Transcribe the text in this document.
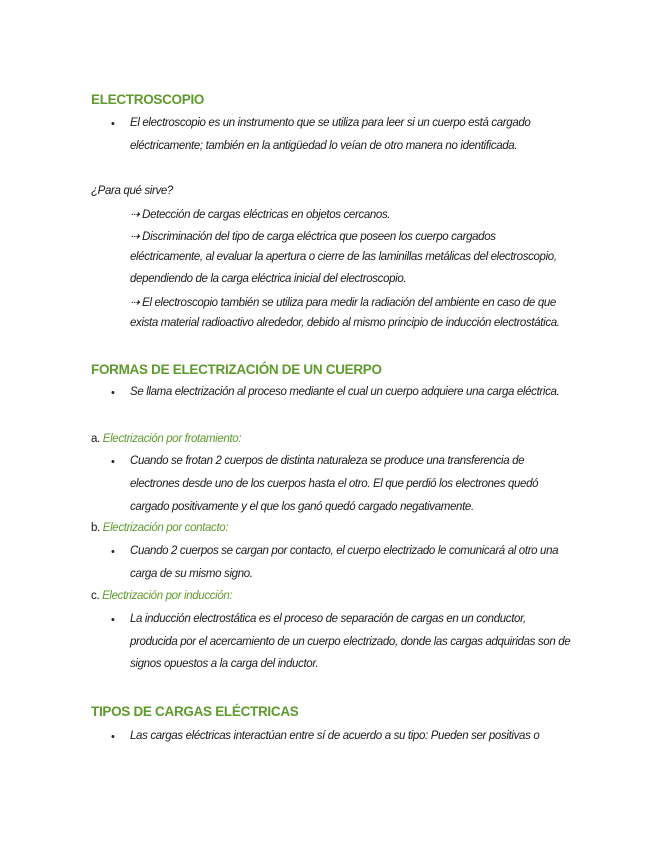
ELECTROSCOPIO
• El electroscopio es un instrumento que se utiliza para leer si un cuerpo está cargado
eléctricamente; también en la antigüedad lo veían de otro manera no identificada.
¿Para qué sirve?
⇢ Detección de cargas eléctricas en objetos cercanos.
⇢ Discriminación del tipo de carga eléctrica que poseen los cuerpo cargados
eléctricamente, al evaluar la apertura o cierre de las laminillas metálicas del electroscopio,
dependiendo de la carga eléctrica inicial del electroscopio.
⇢ El electroscopio también se utiliza para medir la radiación del ambiente en caso de que
exista material radioactivo alrededor, debido al mismo principio de inducción electrostática.
FORMAS DE ELECTRIZACIÓN DE UN CUERPO
• Se llama electrización al proceso mediante el cual un cuerpo adquiere una carga eléctrica.
a. Electrización por frotamiento:
• Cuando se frotan 2 cuerpos de distinta naturaleza se produce una transferencia de
electrones desde uno de los cuerpos hasta el otro. El que perdió los electrones quedó
cargado positivamente y el que los ganó quedó cargado negativamente.
b. Electrización por contacto:
• Cuando 2 cuerpos se cargan por contacto, el cuerpo electrizado le comunicará al otro una
carga de su mismo signo.
c. Electrización por inducción:
• La inducción electrostática es el proceso de separación de cargas en un conductor,
producida por el acercamiento de un cuerpo electrizado, donde las cargas adquiridas son de
signos opuestos a la carga del inductor.
TIPOS DE CARGAS ELÉCTRICAS
• Las cargas eléctricas interactúan entre sí de acuerdo a su tipo: Pueden ser positivas o
